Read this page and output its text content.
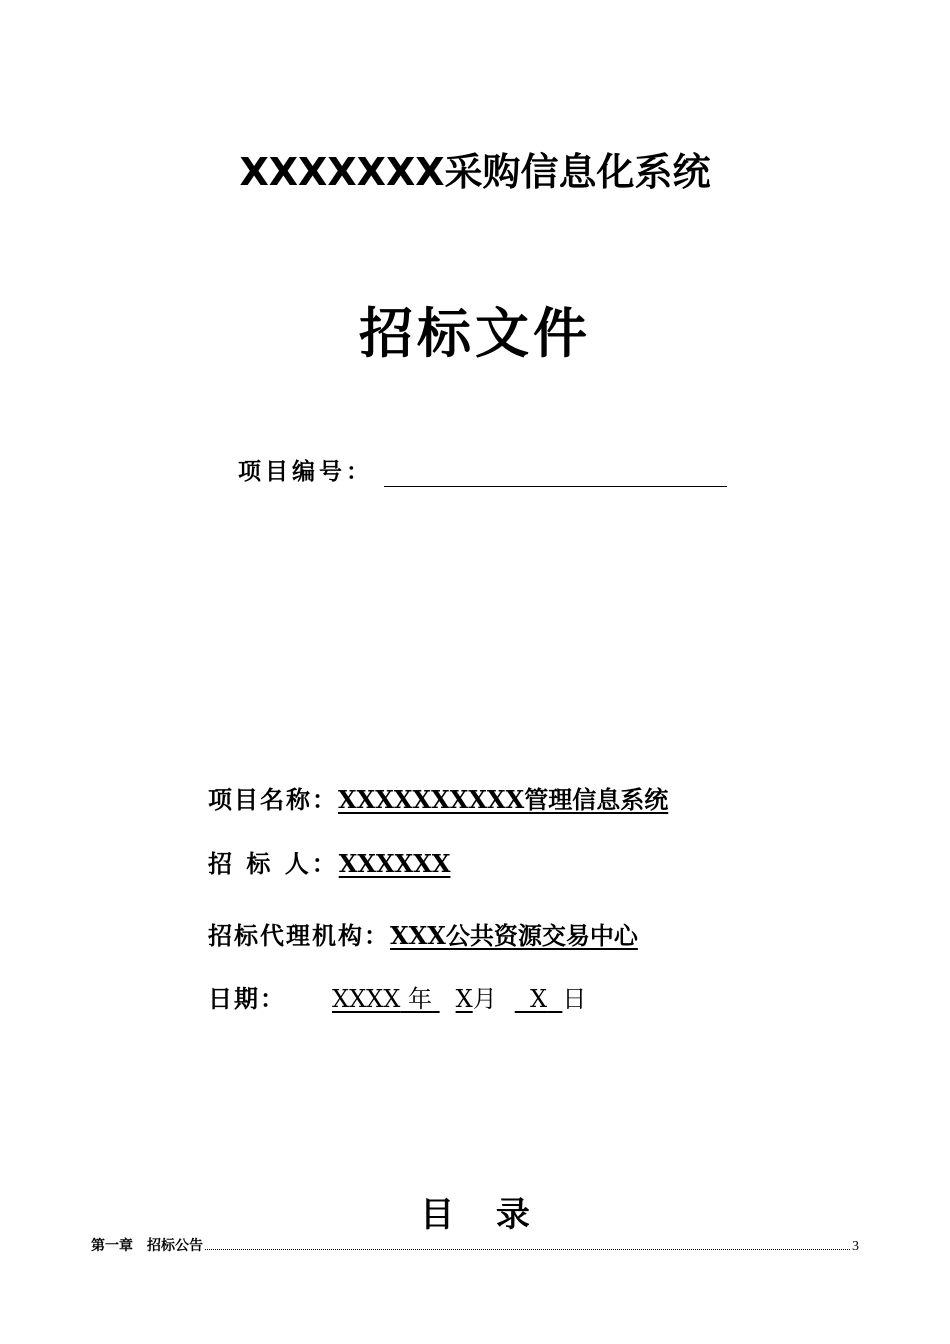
XXXXXXX采购信息化系统
招标文件
项目编号：
项目名称：XXXXXXXXXX管理信息系统
招 标 人：XXXXXX
招标代理机构：XXX公共资源交易中心
日期： XXXX 年 X月 X 日
目 录
第一章　招标公告	3
